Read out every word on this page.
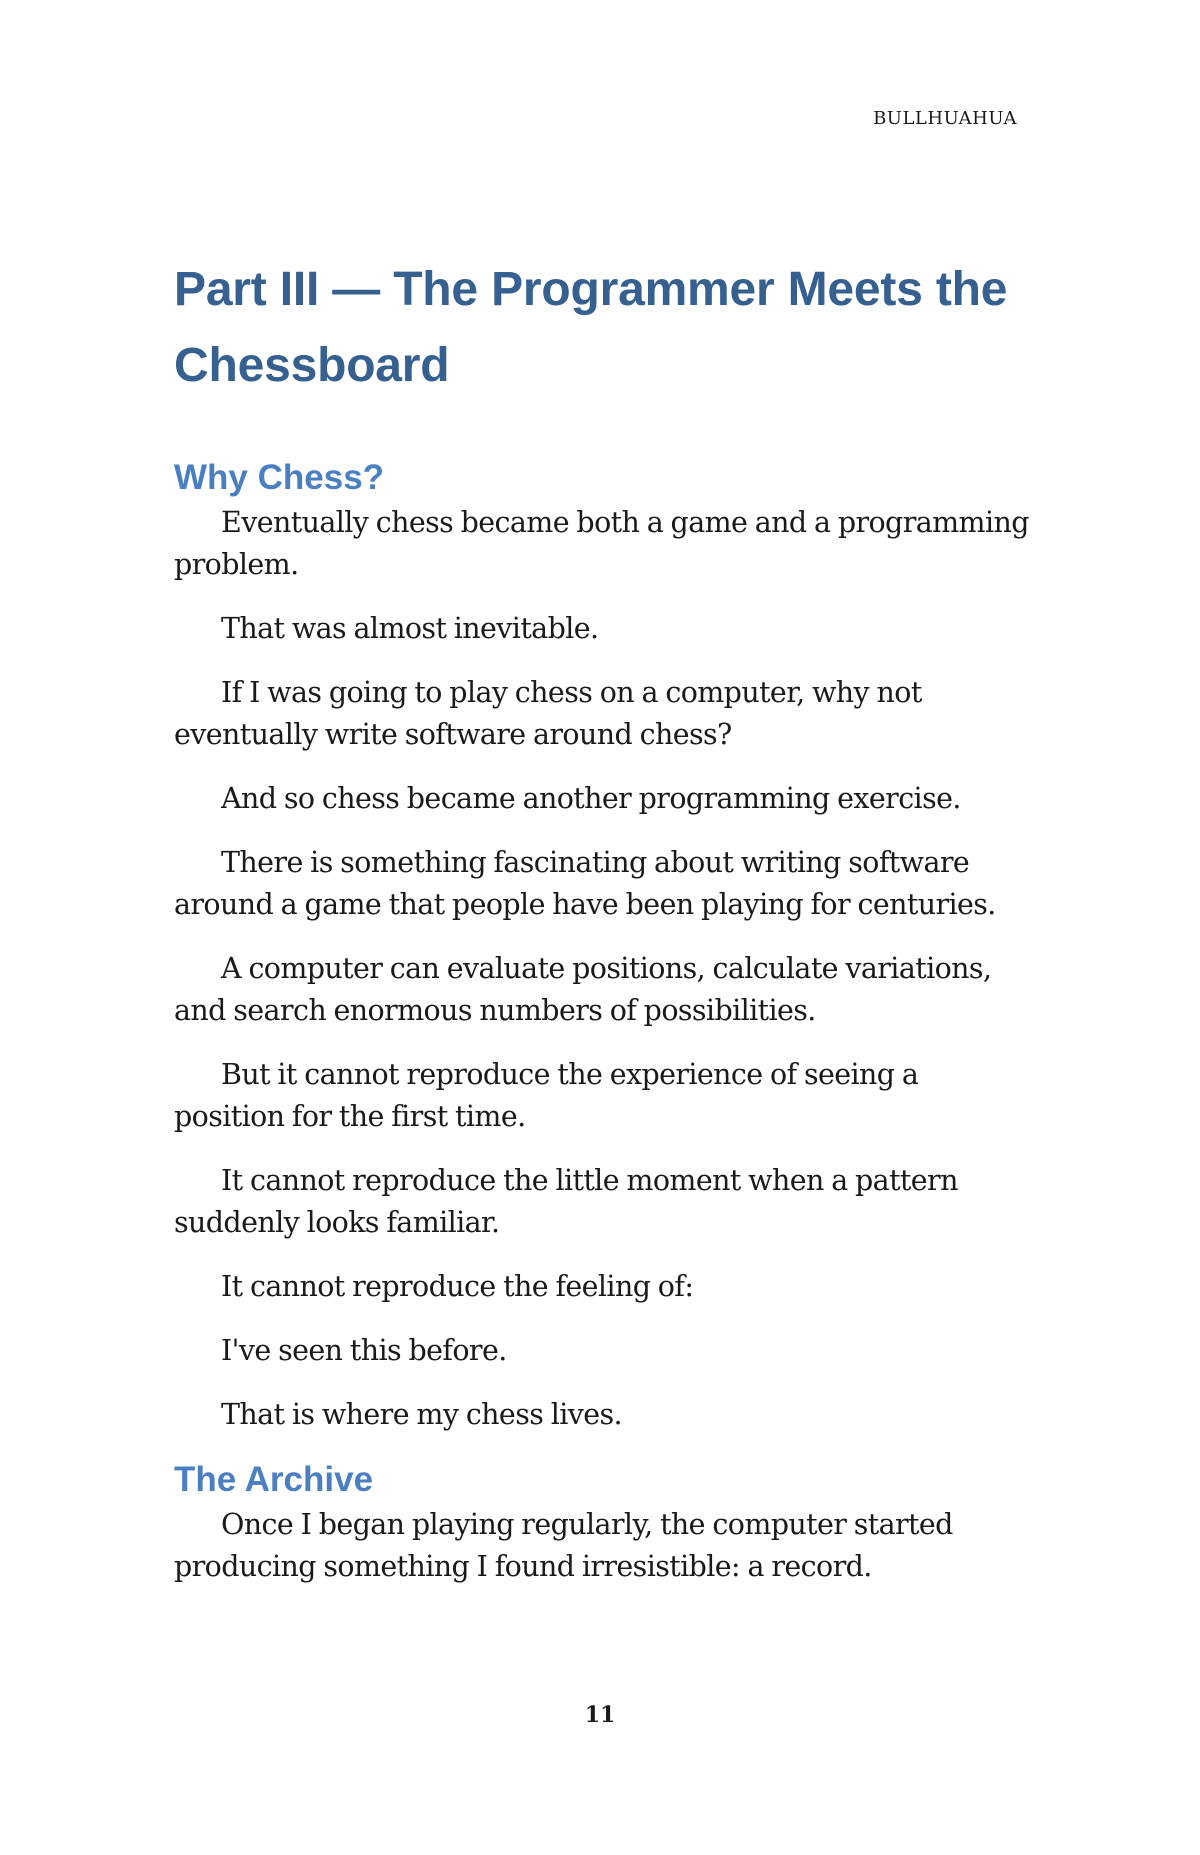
BULLHUAHUA
Part III — The Programmer Meets the Chessboard
Why Chess?

Eventually chess became both a game and a programming problem.

That was almost inevitable.

If I was going to play chess on a computer, why not eventually write software around chess?

And so chess became another programming exercise.

There is something fascinating about writing software around a game that people have been playing for centuries.

A computer can evaluate positions, calculate variations, and search enormous numbers of possibilities.

But it cannot reproduce the experience of seeing a position for the first time.

It cannot reproduce the little moment when a pattern suddenly looks familiar.

It cannot reproduce the feeling of:

I've seen this before.

That is where my chess lives.

The Archive

Once I began playing regularly, the computer started producing something I found irresistible: a record.

11
